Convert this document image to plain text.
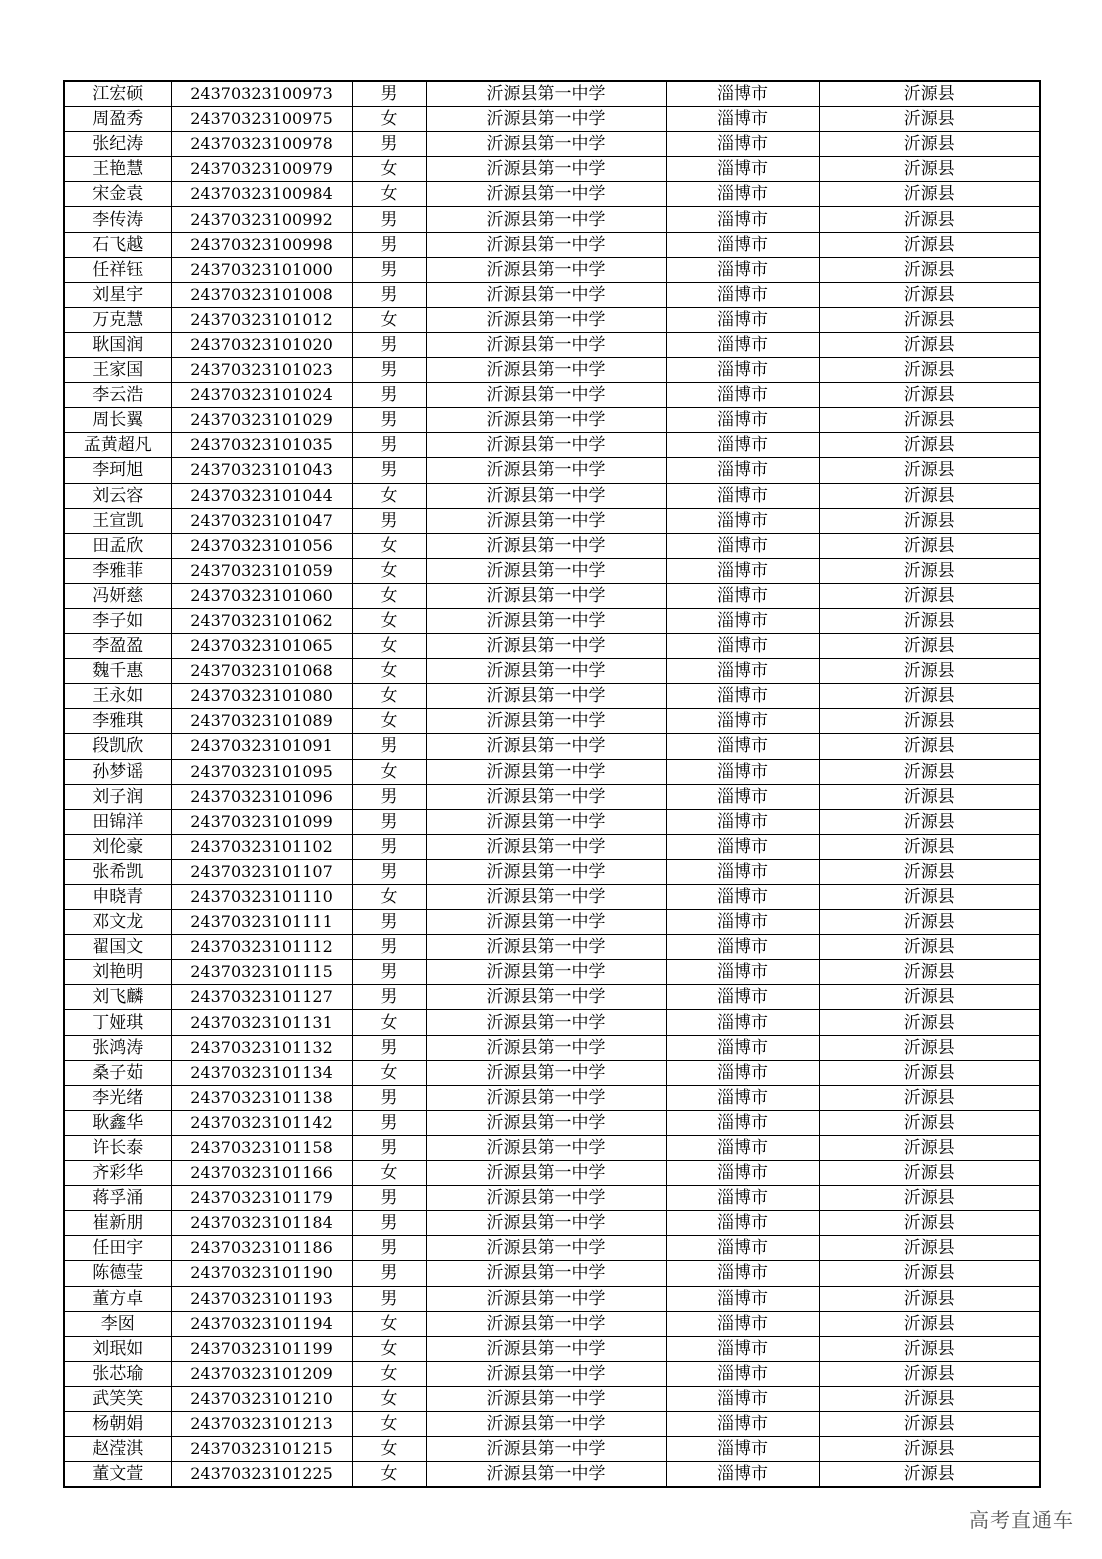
江宏硕	24370323100973	男	沂源县第一中学	淄博市	沂源县
周盈秀	24370323100975	女	沂源县第一中学	淄博市	沂源县
张纪涛	24370323100978	男	沂源县第一中学	淄博市	沂源县
王艳慧	24370323100979	女	沂源县第一中学	淄博市	沂源县
宋金袁	24370323100984	女	沂源县第一中学	淄博市	沂源县
李传涛	24370323100992	男	沂源县第一中学	淄博市	沂源县
石飞越	24370323100998	男	沂源县第一中学	淄博市	沂源县
任祥钰	24370323101000	男	沂源县第一中学	淄博市	沂源县
刘星宇	24370323101008	男	沂源县第一中学	淄博市	沂源县
万克慧	24370323101012	女	沂源县第一中学	淄博市	沂源县
耿国润	24370323101020	男	沂源县第一中学	淄博市	沂源县
王家国	24370323101023	男	沂源县第一中学	淄博市	沂源县
李云浩	24370323101024	男	沂源县第一中学	淄博市	沂源县
周长翼	24370323101029	男	沂源县第一中学	淄博市	沂源县
孟黄超凡	24370323101035	男	沂源县第一中学	淄博市	沂源县
李珂旭	24370323101043	男	沂源县第一中学	淄博市	沂源县
刘云容	24370323101044	女	沂源县第一中学	淄博市	沂源县
王宣凯	24370323101047	男	沂源县第一中学	淄博市	沂源县
田孟欣	24370323101056	女	沂源县第一中学	淄博市	沂源县
李雅菲	24370323101059	女	沂源县第一中学	淄博市	沂源县
冯妍慈	24370323101060	女	沂源县第一中学	淄博市	沂源县
李子如	24370323101062	女	沂源县第一中学	淄博市	沂源县
李盈盈	24370323101065	女	沂源县第一中学	淄博市	沂源县
魏千惠	24370323101068	女	沂源县第一中学	淄博市	沂源县
王永如	24370323101080	女	沂源县第一中学	淄博市	沂源县
李雅琪	24370323101089	女	沂源县第一中学	淄博市	沂源县
段凯欣	24370323101091	男	沂源县第一中学	淄博市	沂源县
孙梦谣	24370323101095	女	沂源县第一中学	淄博市	沂源县
刘子润	24370323101096	男	沂源县第一中学	淄博市	沂源县
田锦洋	24370323101099	男	沂源县第一中学	淄博市	沂源县
刘伦豪	24370323101102	男	沂源县第一中学	淄博市	沂源县
张希凯	24370323101107	男	沂源县第一中学	淄博市	沂源县
申晓青	24370323101110	女	沂源县第一中学	淄博市	沂源县
邓文龙	24370323101111	男	沂源县第一中学	淄博市	沂源县
翟国文	24370323101112	男	沂源县第一中学	淄博市	沂源县
刘艳明	24370323101115	男	沂源县第一中学	淄博市	沂源县
刘飞麟	24370323101127	男	沂源县第一中学	淄博市	沂源县
丁娅琪	24370323101131	女	沂源县第一中学	淄博市	沂源县
张鸿涛	24370323101132	男	沂源县第一中学	淄博市	沂源县
桑子茹	24370323101134	女	沂源县第一中学	淄博市	沂源县
李光绪	24370323101138	男	沂源县第一中学	淄博市	沂源县
耿鑫华	24370323101142	男	沂源县第一中学	淄博市	沂源县
许长泰	24370323101158	男	沂源县第一中学	淄博市	沂源县
齐彩华	24370323101166	女	沂源县第一中学	淄博市	沂源县
蒋孚涌	24370323101179	男	沂源县第一中学	淄博市	沂源县
崔新朋	24370323101184	男	沂源县第一中学	淄博市	沂源县
任田宇	24370323101186	男	沂源县第一中学	淄博市	沂源县
陈德莹	24370323101190	男	沂源县第一中学	淄博市	沂源县
董方卓	24370323101193	男	沂源县第一中学	淄博市	沂源县
李囡	24370323101194	女	沂源县第一中学	淄博市	沂源县
刘珉如	24370323101199	女	沂源县第一中学	淄博市	沂源县
张芯瑜	24370323101209	女	沂源县第一中学	淄博市	沂源县
武笑笑	24370323101210	女	沂源县第一中学	淄博市	沂源县
杨朝娟	24370323101213	女	沂源县第一中学	淄博市	沂源县
赵滢淇	24370323101215	女	沂源县第一中学	淄博市	沂源县
董文萱	24370323101225	女	沂源县第一中学	淄博市	沂源县
高考直通车
